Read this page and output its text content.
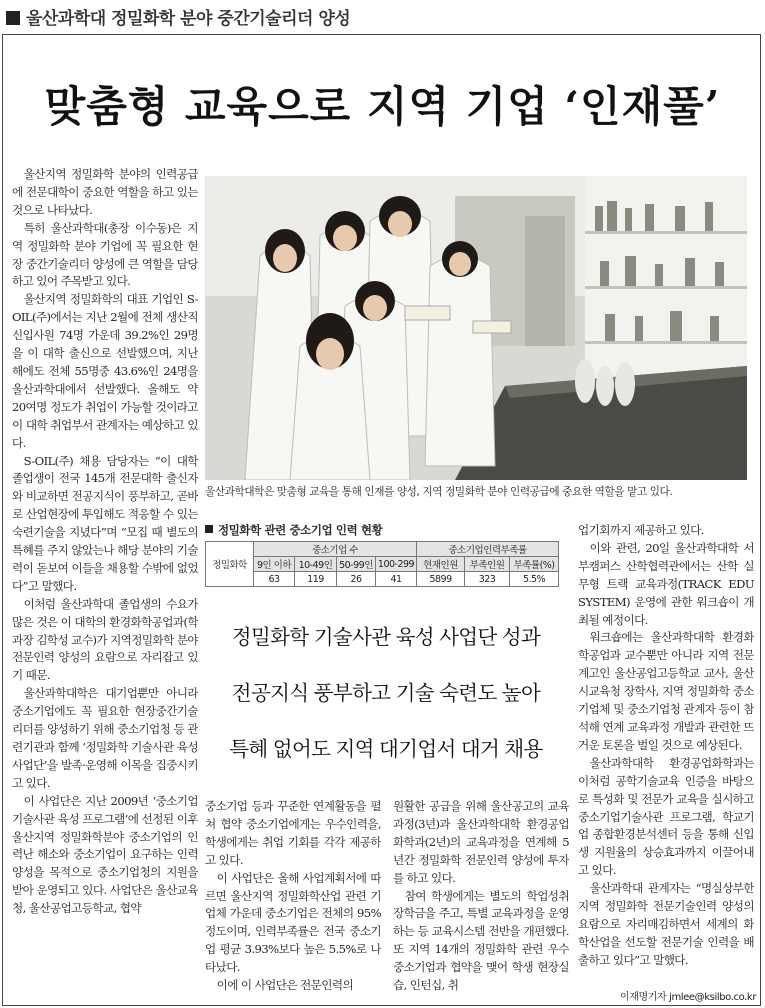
울산과학대 정밀화학 분야 중간기술리더 양성
맞춤형 교육으로 지역 기업 ‘인재풀’

울산지역 정밀화학 분야의 인력공급에 전문대학이 중요한 역할을 하고 있는 것으로 나타났다.

특히 울산과학대(총장 이수동)은 지역 정밀화학 분야 기업에 꼭 필요한 현장 중간기술리더 양성에 큰 역할을 담당하고 있어 주목받고 있다.

울산지역 정밀화학의 대표 기업인 S-OIL(주)에서는 지난 2월에 전체 생산직 신입사원 74명 가운데 39.2%인 29명을 이 대학 출신으로 선발했으며, 지난해에도 전체 55명중 43.6%인 24명을 울산과학대에서 선발했다. 올해도 약 20여명 정도가 취업이 가능할 것이라고 이 대학 취업부서 관계자는 예상하고 있다.

S-OIL(주) 채용 담당자는 “이 대학 졸업생이 전국 145개 전문대학 출신자와 비교하면 전공지식이 풍부하고, 곧바로 산업현장에 투입해도 적응할 수 있는 숙련기술을 지녔다”며 “모집 때 별도의 특혜를 주지 않았는나 해당 분야의 기술력이 돋보여 이들을 채용할 수밖에 없었다”고 말했다.

이처럼 울산과학대 졸업생의 수요가 많은 것은 이 대학의 환경화학공업과(학과장 김학성 교수)가 지역정밀화학 분야 전문인력 양성의 요람으로 자리잡고 있기 때문.

울산과학대학은 대기업뿐만 아니라 중소기업에도 꼭 필요한 현장중간기술리더를 양성하기 위해 중소기업청 등 관련기관과 함께 ‘정밀화학 기술사관 육성 사업단’을 발족·운영해 이목을 집중시키고 있다.

이 사업단은 지난 2009년 ‘중소기업 기술사관 육성 프로그램’에 선정된 이후 울산지역 정밀화학분야 중소기업의 인력난 해소와 중소기업이 요구하는 인력 양성을 목적으로 중소기업청의 지원을 받아 운영되고 있다. 사업단은 울산교육청, 울산공업고등학교, 협약

울산과학대학은 맞춤형 교육을 통해 인재를 양성, 지역 정밀화학 분야 인력공급에 중요한 역할을 맡고 있다.
정밀화학 관련 중소기업 인력 현황
정밀화학	중소기업 수				중소기업인력부족률		
	9인 이하	10-49인	50-99인	100-299	현재인원	부족인원	부족률(%)
	63	119	26	41	5899	323	5.5%
정밀화학 기술사관 육성 사업단 성과
전공지식 풍부하고 기술 숙련도 높아
특혜 없어도 지역 대기업서 대거 채용

중소기업 등과 꾸준한 연계활동을 펼쳐 협약 중소기업에게는 우수인력을, 학생에게는 취업 기회를 각각 제공하고 있다.

이 사업단은 올해 사업계획서에 따르면 울산지역 정밀화학산업 관련 기업체 가운데 중소기업은 전체의 95%정도이며, 인력부족률은 전국 중소기업 평균 3.93%보다 높은 5.5%로 나타났다.

이에 이 사업단은 전문인력의

원활한 공급을 위해 울산공고의 교육과정(3년)과 울산과학대학 환경공업화학과(2년)의 교육과정을 연계해 5년간 정밀화학 전문인력 양성에 투자를 하고 있다.

참여 학생에게는 별도의 학업성취 장학금을 주고, 특별 교육과정을 운영하는 등 교육시스템 전반을 개편했다. 또 지역 14개의 정밀화학 관련 우수 중소기업과 협약을 맺어 학생 현장실습, 인턴십, 취

업기회까지 제공하고 있다.

이와 관련, 20일 울산과학대학 서부캠퍼스 산학협력관에서는 산학 실무형 트랙 교육과정(TRACK EDU SYSTEM) 운영에 관한 워크숍이 개최될 예정이다.

워크숍에는 울산과학대학 환경화학공업과 교수뿐만 아니라 지역 전문계고인 울산공업고등학교 교사, 울산시교육청 장학사, 지역 정밀화학 중소기업체 및 중소기업청 관계자 등이 참석해 연계 교육과정 개발과 관련한 뜨거운 토론을 벌일 것으로 예상된다.

울산과학대학 환경공업화학과는 이처럼 공학기술교육 인증을 바탕으로 특성화 및 전문가 교육을 실시하고 중소기업기술사관 프로그램, 학교기업 종합환경분석센터 등을 통해 신입생 지원율의 상승효과까지 이끌어내고 있다.

울산과학대 관계자는 “명실상부한 지역 정밀화학 전문기술인력 양성의 요람으로 자리매김하면서 세계의 화학산업을 선도할 전문기술 인력을 배출하고 있다”고 말했다.

이재명기자 jmlee@ksilbo.co.kr
